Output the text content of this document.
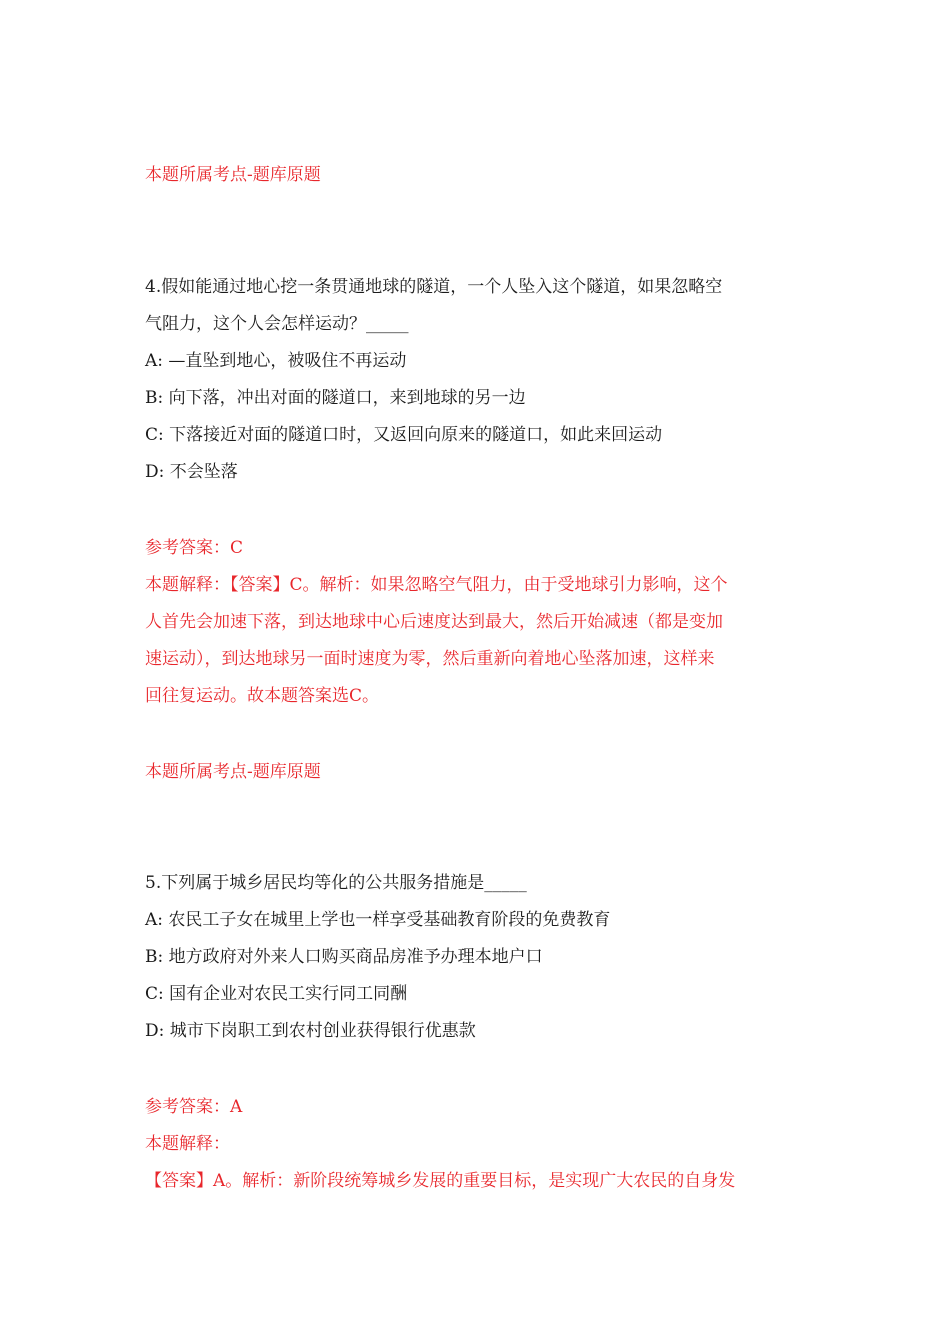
本题所属考点-题库原题
4.假如能通过地心挖一条贯通地球的隧道，一个人坠入这个隧道，如果忽略空
气阻力，这个人会怎样运动？_____
A: —直坠到地心，被吸住不再运动
B: 向下落，冲出对面的隧道口，来到地球的另一边
C: 下落接近对面的隧道口时，又返回向原来的隧道口，如此来回运动
D: 不会坠落
参考答案：C
本题解释：【答案】C。解析：如果忽略空气阻力，由于受地球引力影响，这个
人首先会加速下落，到达地球中心后速度达到最大，然后开始减速（都是变加
速运动），到达地球另一面时速度为零，然后重新向着地心坠落加速，这样来
回往复运动。故本题答案选C。
本题所属考点-题库原题
5.下列属于城乡居民均等化的公共服务措施是_____
A: 农民工子女在城里上学也一样享受基础教育阶段的免费教育
B: 地方政府对外来人口购买商品房准予办理本地户口
C: 国有企业对农民工实行同工同酬
D: 城市下岗职工到农村创业获得银行优惠款
参考答案：A
本题解释：
【答案】A。解析：新阶段统筹城乡发展的重要目标，是实现广大农民的自身发
